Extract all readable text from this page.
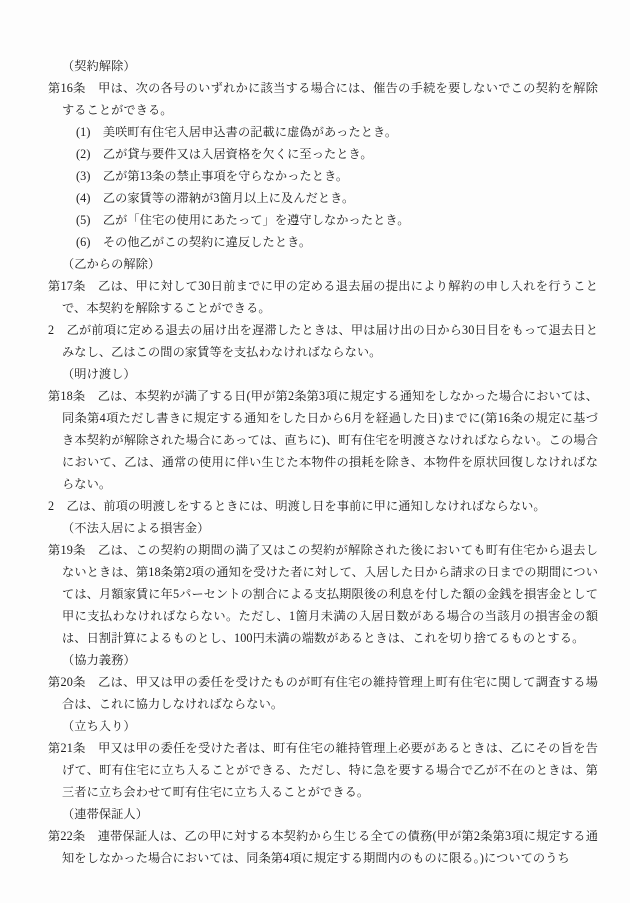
（契約解除）

第16条　 甲は、次の各号のいずれかに該当する場合には、催告の手続を要しないでこの契約を解除することができる。

(1)　 美咲町有住宅入居申込書の記載に虚偽があったとき。

(2)　 乙が貸与要件又は入居資格を欠くに至ったとき。

(3)　 乙が第13条の禁止事項を守らなかったとき。

(4)　 乙の家賃等の滞納が3箇月以上に及んだとき。

(5)　 乙が「住宅の使用にあたって」を遵守しなかったとき。

(6)　 その他乙がこの契約に違反したとき。

（乙からの解除）

第17条　 乙は、甲に対して30日前までに甲の定める退去届の提出により解約の申し入れを行うことで、本契約を解除することができる。

2　 乙が前項に定める退去の届け出を遅滞したときは、甲は届け出の日から30日目をもって退去日とみなし、乙はこの間の家賃等を支払わなければならない。

（明け渡し）

第18条　 乙は、本契約が満了する日(甲が第2条第3項に規定する通知をしなかった場合においては、同条第4項ただし書きに規定する通知をした日から6月を経過した日)までに(第16条の規定に基づき本契約が解除された場合にあっては、直ちに)、町有住宅を明渡さなければならない。この場合において、乙は、通常の使用に伴い生じた本物件の損耗を除き、本物件を原状回復しなければならない。

2　 乙は、前項の明渡しをするときには、明渡し日を事前に甲に通知しなければならない。

（不法入居による損害金）

第19条　 乙は、この契約の期間の満了又はこの契約が解除された後においても町有住宅から退去しないときは、第18条第2項の通知を受けた者に対して、入居した日から請求の日までの期間については、月額家賃に年5パーセントの割合による支払期限後の利息を付した額の金銭を損害金として甲に支払わなければならない。ただし、1箇月未満の入居日数がある場合の当該月の損害金の額は、日割計算によるものとし、100円未満の端数があるときは、これを切り捨てるものとする。

（協力義務）

第20条　 乙は、甲又は甲の委任を受けたものが町有住宅の維持管理上町有住宅に関して調査する場合は、これに協力しなければならない。

（立ち入り）

第21条　 甲又は甲の委任を受けた者は、町有住宅の維持管理上必要があるときは、乙にその旨を告げて、町有住宅に立ち入ることができる、ただし、特に急を要する場合で乙が不在のときは、第三者に立ち会わせて町有住宅に立ち入ることができる。

（連帯保証人）

第22条　 連帯保証人は、乙の甲に対する本契約から生じる全ての債務(甲が第2条第3項に規定する通知をしなかった場合においては、同条第4項に規定する期間内のものに限る。)についてのうち
